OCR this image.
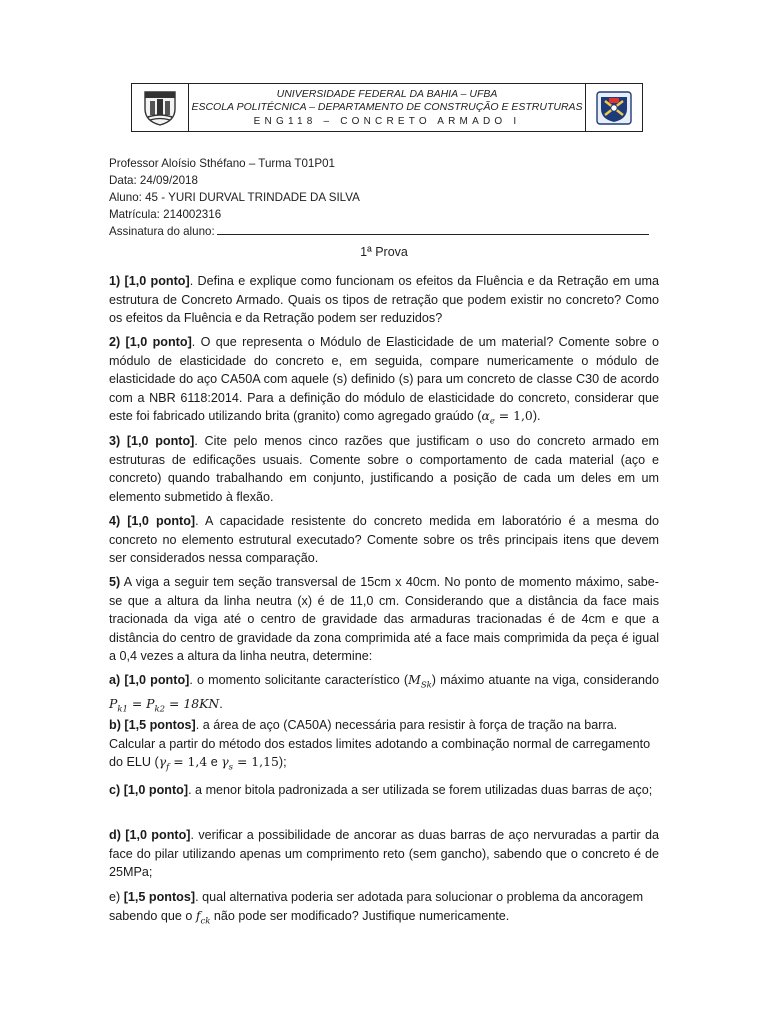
UNIVERSIDADE FEDERAL DA BAHIA – UFBA
ESCOLA POLITÉCNICA – DEPARTAMENTO DE CONSTRUÇÃO E ESTRUTURAS
ENG118 – CONCRETO ARMADO I
Professor Aloísio Sthéfano – Turma T01P01
Data: 24/09/2018
Aluno: 45 - YURI DURVAL TRINDADE DA SILVA
Matrícula: 214002316
Assinatura do aluno:
1ª Prova
1) [1,0 ponto]. Defina e explique como funcionam os efeitos da Fluência e da Retração em uma estrutura de Concreto Armado. Quais os tipos de retração que podem existir no concreto? Como os efeitos da Fluência e da Retração podem ser reduzidos?
2) [1,0 ponto]. O que representa o Módulo de Elasticidade de um material? Comente sobre o módulo de elasticidade do concreto e, em seguida, compare numericamente o módulo de elasticidade do aço CA50A com aquele (s) definido (s) para um concreto de classe C30 de acordo com a NBR 6118:2014. Para a definição do módulo de elasticidade do concreto, considerar que este foi fabricado utilizando brita (granito) como agregado graúdo $(\alpha_e = 1,0)$.
3) [1,0 ponto]. Cite pelo menos cinco razões que justificam o uso do concreto armado em estruturas de edificações usuais. Comente sobre o comportamento de cada material (aço e concreto) quando trabalhando em conjunto, justificando a posição de cada um deles em um elemento submetido à flexão.
4) [1,0 ponto]. A capacidade resistente do concreto medida em laboratório é a mesma do concreto no elemento estrutural executado? Comente sobre os três principais itens que devem ser considerados nessa comparação.
5) A viga a seguir tem seção transversal de 15cm x 40cm. No ponto de momento máximo, sabe-se que a altura da linha neutra (x) é de 11,0 cm. Considerando que a distância da face mais tracionada da viga até o centro de gravidade das armaduras tracionadas é de 4cm e que a distância do centro de gravidade da zona comprimida até a face mais comprimida da peça é igual a 0,4 vezes a altura da linha neutra, determine:
a) [1,0 ponto]. o momento solicitante característico $(M_{Sk})$ máximo atuante na viga, considerando $P_{k1} = P_{k2} = 18KN$.
b) [1,5 pontos]. a área de aço (CA50A) necessária para resistir à força de tração na barra. Calcular a partir do método dos estados limites adotando a combinação normal de carregamento do ELU ($\gamma_f = 1,4$ e $\gamma_s = 1,15$);
c) [1,0 ponto]. a menor bitola padronizada a ser utilizada se forem utilizadas duas barras de aço;
d) [1,0 ponto]. verificar a possibilidade de ancorar as duas barras de aço nervuradas a partir da face do pilar utilizando apenas um comprimento reto (sem gancho), sabendo que o concreto é de 25MPa;
e) [1,5 pontos]. qual alternativa poderia ser adotada para solucionar o problema da ancoragem sabendo que o $f_{ck}$ não pode ser modificado? Justifique numericamente.
